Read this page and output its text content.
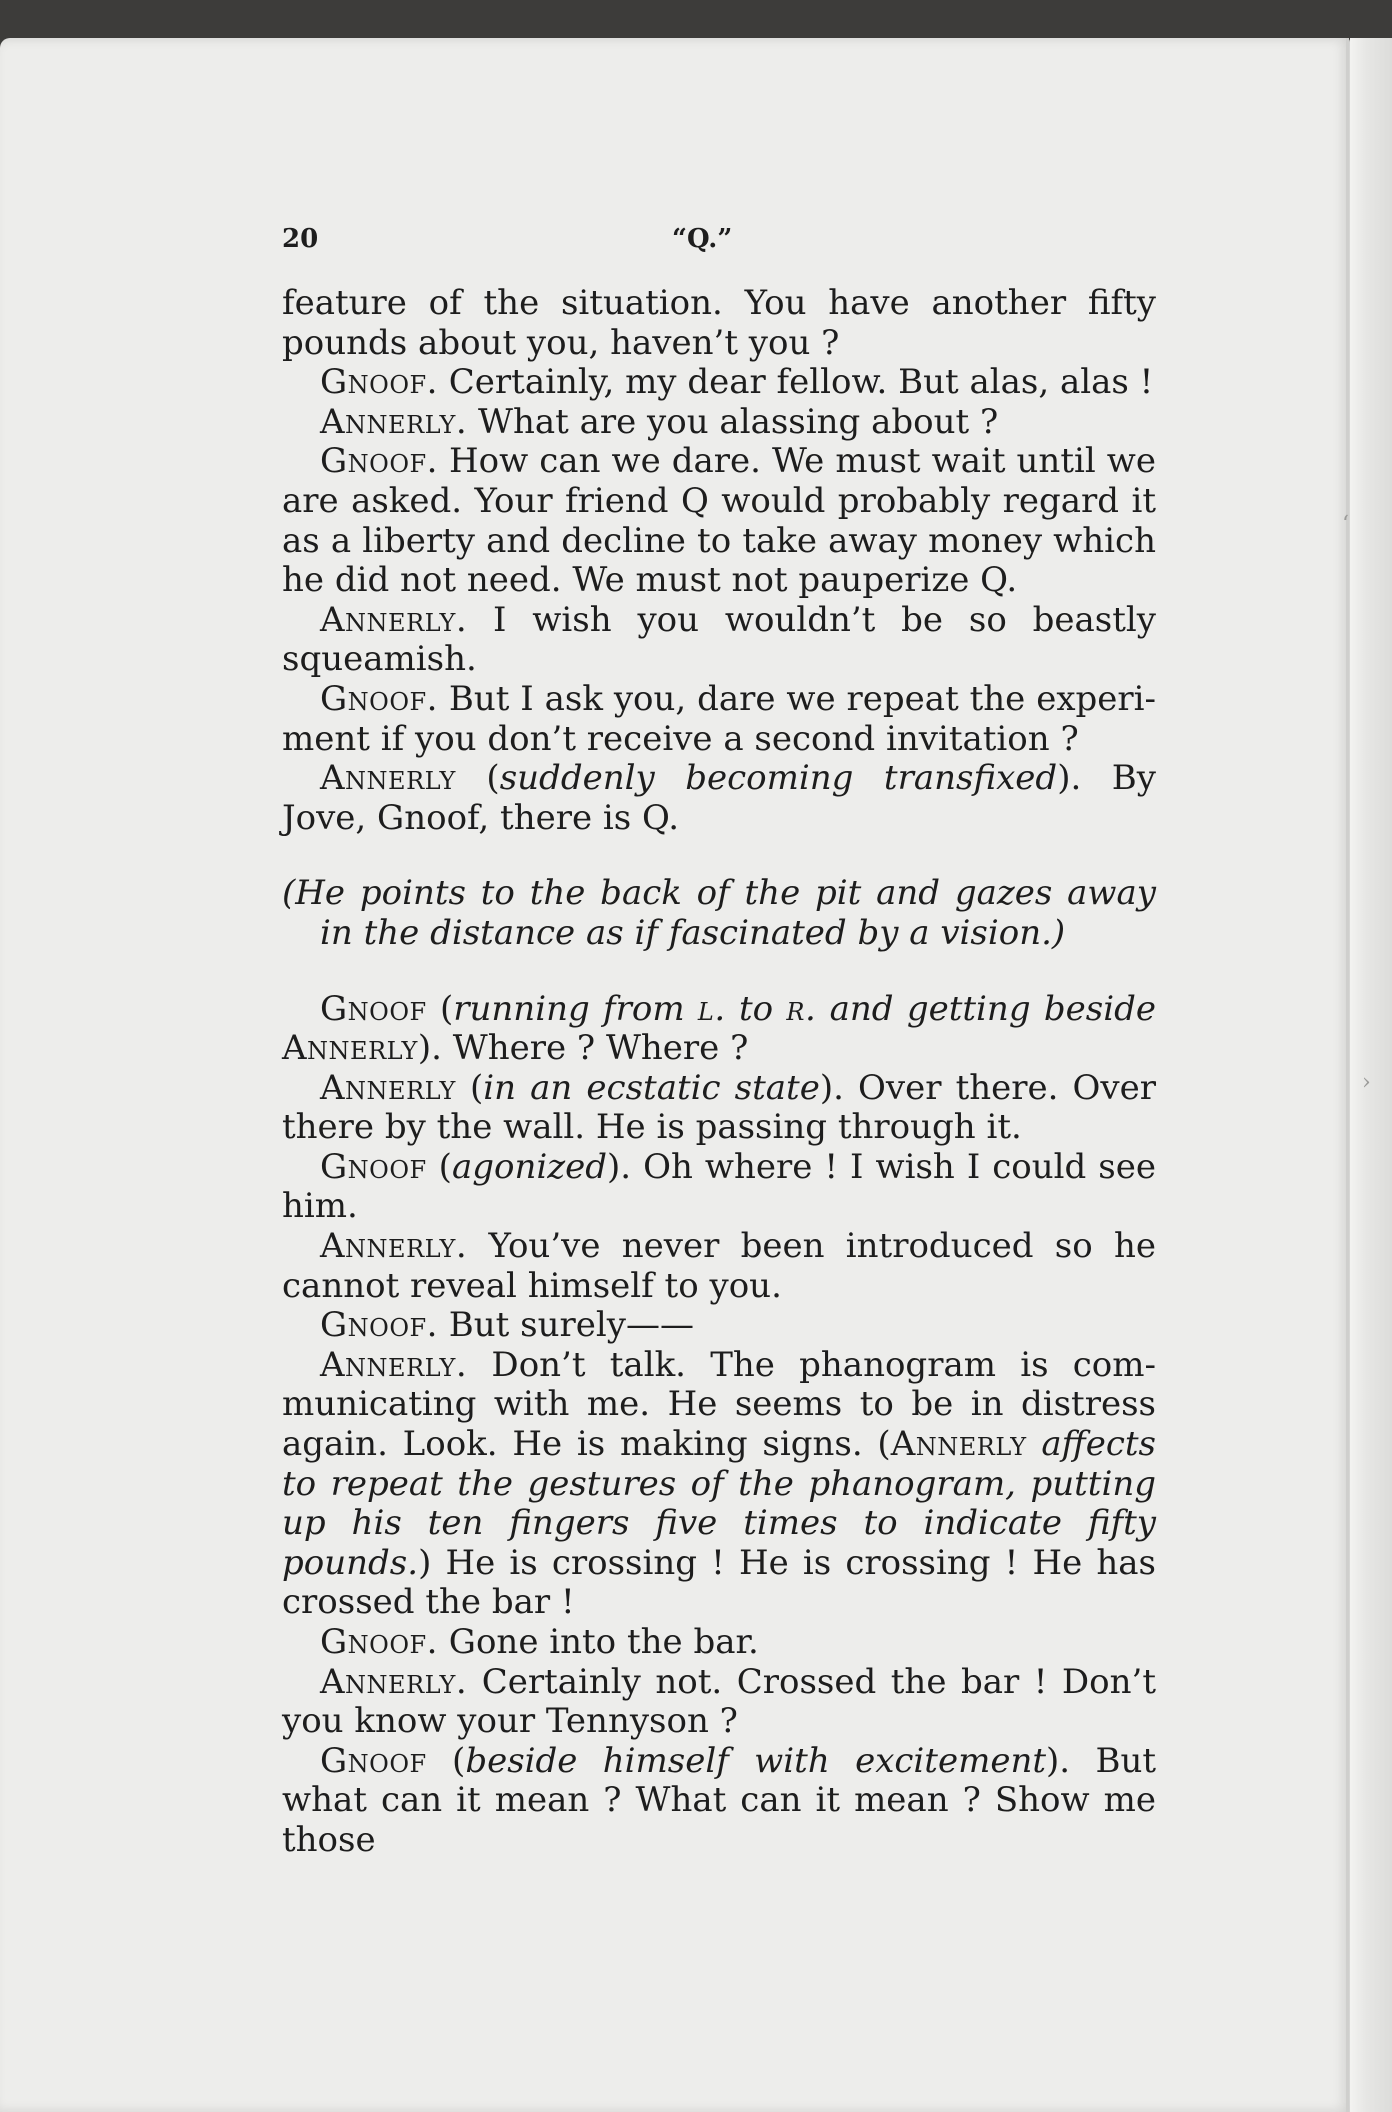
‘
›
20	“Q.”

feature of the situation. You have another fifty pounds about you, haven’t you ?

Gnoof. Certainly, my dear fellow. But alas, alas !

Annerly. What are you alassing about ?

Gnoof. How can we dare. We must wait until we are asked. Your friend Q would probably regard it as a liberty and decline to take away money which he did not need. We must not pauperize Q.

Annerly. I wish you wouldn’t be so beastly squeamish.

Gnoof. But I ask you, dare we repeat the experiment if you don’t receive a second invitation ?

Annerly (suddenly becoming transfixed). By Jove, Gnoof, there is Q.

(He points to the back of the pit and gazes away in the distance as if fascinated by a vision.)

Gnoof (running from l. to r. and getting beside Annerly). Where ? Where ?

Annerly (in an ecstatic state). Over there. Over there by the wall. He is passing through it.

Gnoof (agonized). Oh where ! I wish I could see him.

Annerly. You’ve never been introduced so he cannot reveal himself to you.

Gnoof. But surely——

Annerly. Don’t talk. The phanogram is communicating with me. He seems to be in distress again. Look. He is making signs. (Annerly affects to repeat the gestures of the phanogram, putting up his ten fingers five times to indicate fifty pounds.) He is crossing ! He is crossing ! He has crossed the bar !

Gnoof. Gone into the bar.

Annerly. Certainly not. Crossed the bar ! Don’t you know your Tennyson ?

Gnoof (beside himself with excitement). But what can it mean ? What can it mean ? Show me those
